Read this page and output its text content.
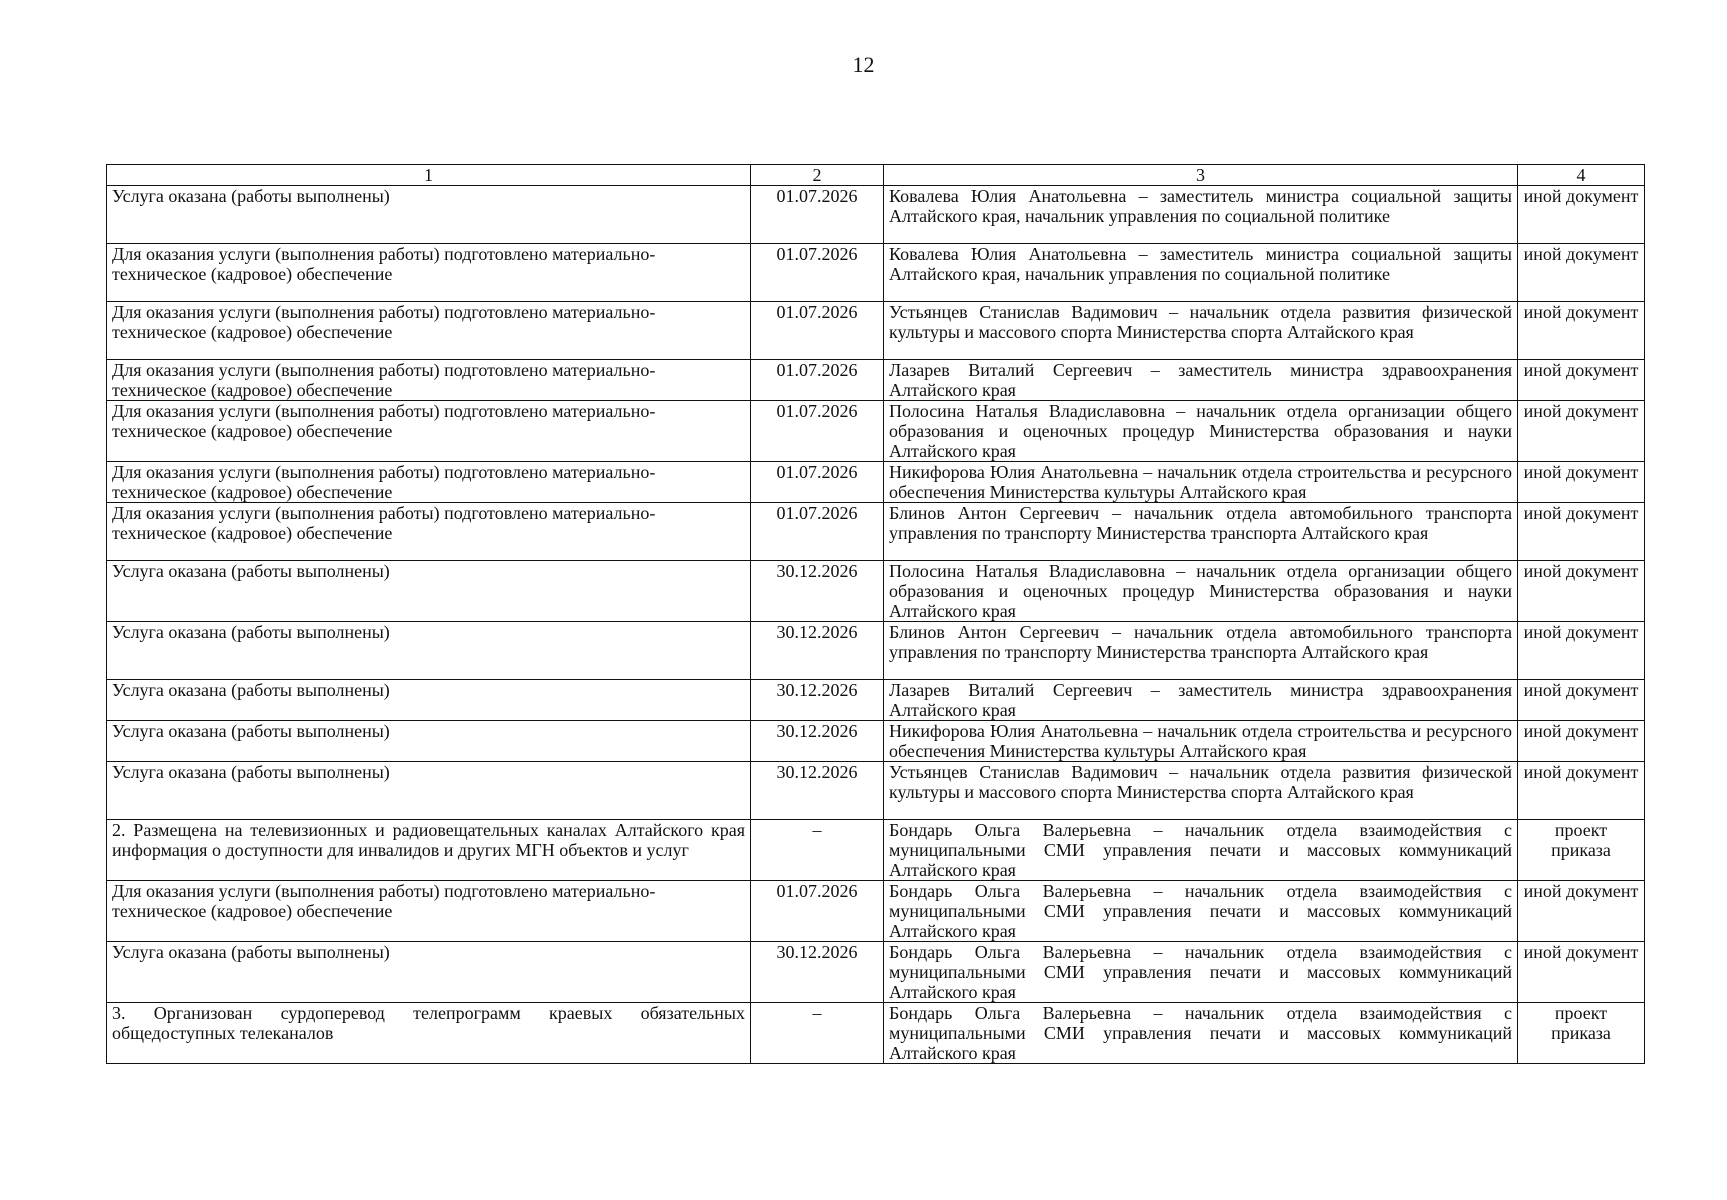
12
1	2	3	4
Услуга оказана (работы выполнены)	01.07.2026	Ковалева Юлия Анатольевна – заместитель министра социальной защиты Алтайского края, начальник управления по социальной политике	иной документ
Для оказания услуги (выполнения работы) подготовлено материально-техническое (кадровое) обеспечение	01.07.2026	Ковалева Юлия Анатольевна – заместитель министра социальной защиты Алтайского края, начальник управления по социальной политике	иной документ
Для оказания услуги (выполнения работы) подготовлено материально-техническое (кадровое) обеспечение	01.07.2026	Устьянцев Станислав Вадимович – начальник отдела развития физической культуры и массового спорта Министерства спорта Алтайского края	иной документ
Для оказания услуги (выполнения работы) подготовлено материально-техническое (кадровое) обеспечение	01.07.2026	Лазарев Виталий Сергеевич – заместитель министра здравоохранения Алтайского края	иной документ
Для оказания услуги (выполнения работы) подготовлено материально-техническое (кадровое) обеспечение	01.07.2026	Полосина Наталья Владиславовна – начальник отдела организации общего образования и оценочных процедур Министерства образования и науки Алтайского края	иной документ
Для оказания услуги (выполнения работы) подготовлено материально-техническое (кадровое) обеспечение	01.07.2026	Никифорова Юлия Анатольевна – начальник отдела строительства и ресурсного обеспечения Министерства культуры Алтайского края	иной документ
Для оказания услуги (выполнения работы) подготовлено материально-техническое (кадровое) обеспечение	01.07.2026	Блинов Антон Сергеевич – начальник отдела автомобильного транспорта управления по транспорту Министерства транспорта Алтайского края	иной документ
Услуга оказана (работы выполнены)	30.12.2026	Полосина Наталья Владиславовна – начальник отдела организации общего образования и оценочных процедур Министерства образования и науки Алтайского края	иной документ
Услуга оказана (работы выполнены)	30.12.2026	Блинов Антон Сергеевич – начальник отдела автомобильного транспорта управления по транспорту Министерства транспорта Алтайского края	иной документ
Услуга оказана (работы выполнены)	30.12.2026	Лазарев Виталий Сергеевич – заместитель министра здравоохранения Алтайского края	иной документ
Услуга оказана (работы выполнены)	30.12.2026	Никифорова Юлия Анатольевна – начальник отдела строительства и ресурсного обеспечения Министерства культуры Алтайского края	иной документ
Услуга оказана (работы выполнены)	30.12.2026	Устьянцев Станислав Вадимович – начальник отдела развития физической культуры и массового спорта Министерства спорта Алтайского края	иной документ
2. Размещена на телевизионных и радиовещательных каналах Алтайского края информация о доступности для инвалидов и других МГН объектов и услуг	–	Бондарь Ольга Валерьевна – начальник отдела взаимодействия с муниципальными СМИ управления печати и массовых коммуникаций Алтайского края	проект приказа
Для оказания услуги (выполнения работы) подготовлено материально-техническое (кадровое) обеспечение	01.07.2026	Бондарь Ольга Валерьевна – начальник отдела взаимодействия с муниципальными СМИ управления печати и массовых коммуникаций Алтайского края	иной документ
Услуга оказана (работы выполнены)	30.12.2026	Бондарь Ольга Валерьевна – начальник отдела взаимодействия с муниципальными СМИ управления печати и массовых коммуникаций Алтайского края	иной документ
3. Организован сурдоперевод телепрограмм краевых обязательных общедоступных телеканалов	–	Бондарь Ольга Валерьевна – начальник отдела взаимодействия с муниципальными СМИ управления печати и массовых коммуникаций Алтайского края	проект приказа
